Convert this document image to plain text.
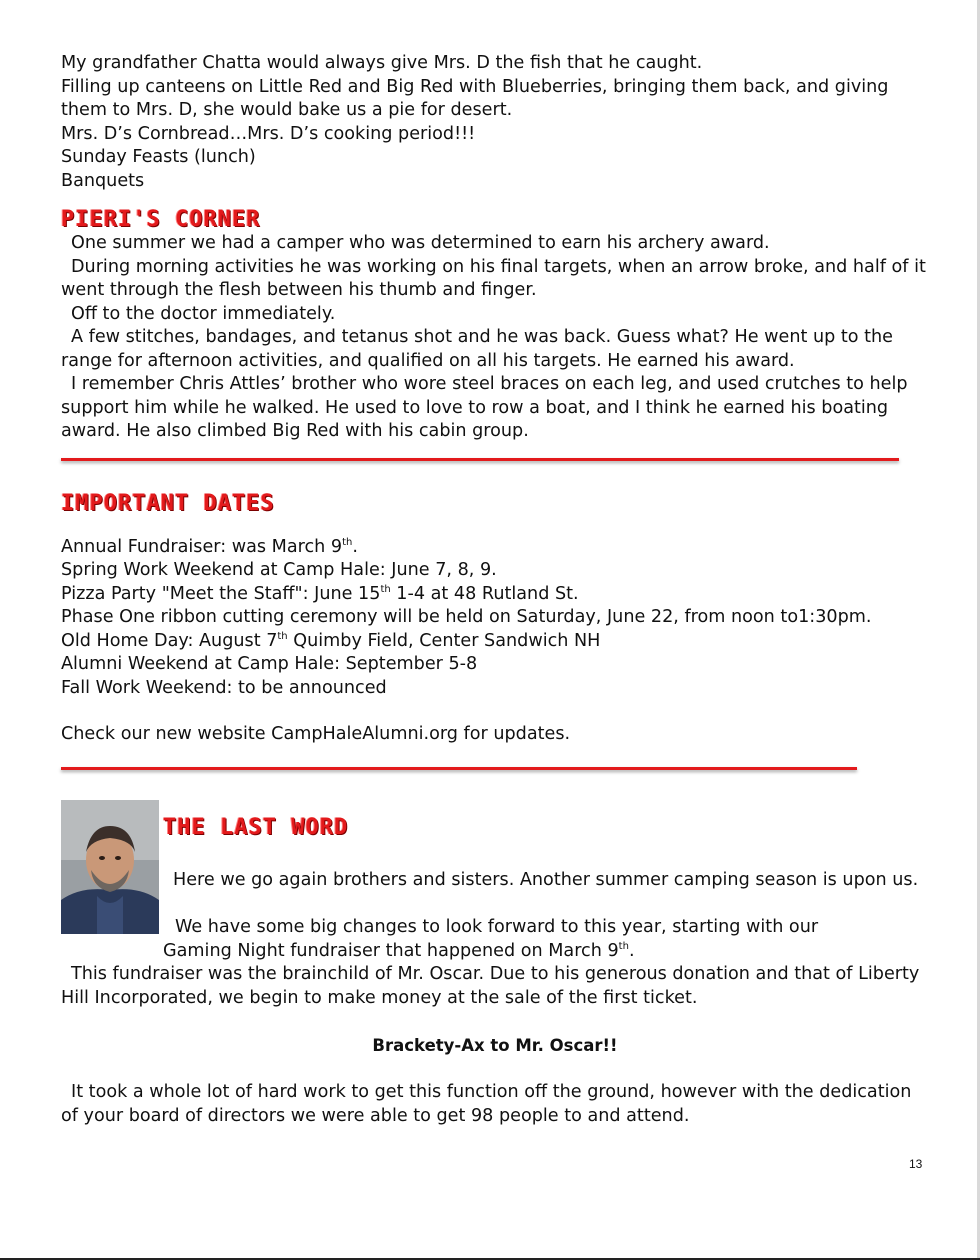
My grandfather Chatta would always give Mrs. D the fish that he caught.

Filling up canteens on Little Red and Big Red with Blueberries, bringing them back, and giving them to Mrs. D, she would bake us a pie for desert.

Mrs. D’s Cornbread…Mrs. D’s cooking period!!!

Sunday Feasts (lunch)

Banquets

PIERI'S CORNER

One summer we had a camper who was determined to earn his archery award.

During morning activities he was working on his final targets, when an arrow broke, and half of it went through the flesh between his thumb and finger.

Off to the doctor immediately.

A few stitches, bandages, and tetanus shot and he was back. Guess what? He went up to the range for afternoon activities, and qualified on all his targets. He earned his award.

I remember Chris Attles’ brother who wore steel braces on each leg, and used crutches to help support him while he walked. He used to love to row a boat, and I think he earned his boating award. He also climbed Big Red with his cabin group.

IMPORTANT DATES

Annual Fundraiser: was March 9th.

Spring Work Weekend at Camp Hale: June 7, 8, 9.

Pizza Party "Meet the Staff": June 15th 1-4 at 48 Rutland St.

Phase One ribbon cutting ceremony will be held on Saturday, June 22, from noon to1:30pm.

Old Home Day: August 7th Quimby Field, Center Sandwich NH

Alumni Weekend at Camp Hale: September 5-8

Fall Work Weekend: to be announced

Check our new website CampHaleAlumni.org for updates.

THE LAST WORD

Here we go again brothers and sisters. Another summer camping season is upon us.

We have some big changes to look forward to this year, starting with our Gaming Night fundraiser that happened on March 9th.

This fundraiser was the brainchild of Mr. Oscar. Due to his generous donation and that of Liberty Hill Incorporated, we begin to make money at the sale of the first ticket.

Brackety-Ax to Mr. Oscar!!

It took a whole lot of hard work to get this function off the ground, however with the dedication of your board of directors we were able to get 98 people to and attend.

13
